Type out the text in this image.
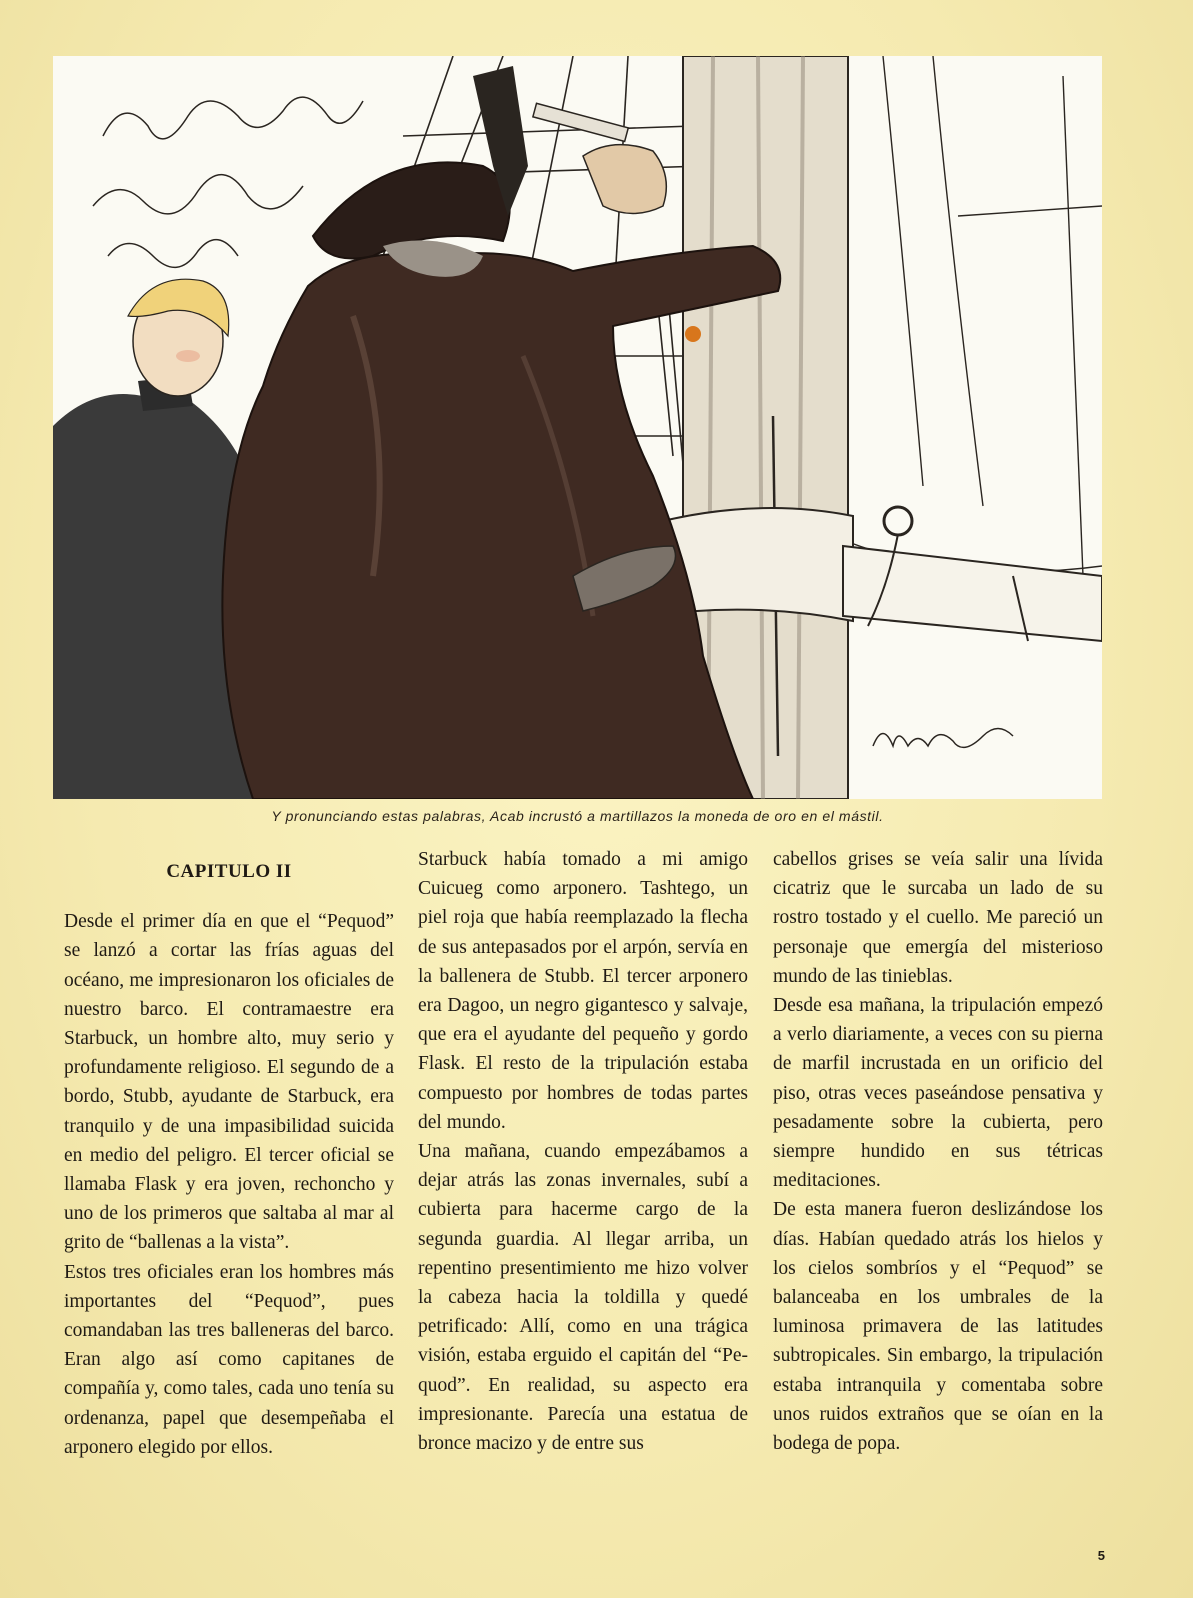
Y pronunciando estas palabras, Acab incrustó a martillazos la moneda de oro en el mástil.
CAPITULO II

Desde el primer día en que el “Pequod” se lanzó a cortar las frías aguas del océano, me impresionaron los oficiales de nuestro barco. El contramaestre era Starbuck, un hombre alto, muy serio y profundamente religioso. El segundo de a bordo, Stubb, ayudante de Starbuck, era tranquilo y de una impasibilidad suicida en medio del peligro. El tercer oficial se llamaba Flask y era joven, rechoncho y uno de los primeros que saltaba al mar al grito de “ballenas a la vista”.

Estos tres oficiales eran los hombres más importantes del “Pequod”, pues comandaban las tres balleneras del barco. Eran algo así como capitanes de compañía y, como tales, cada uno tenía su ordenanza, papel que desempeñaba el arponero elegido por ellos.

Starbuck había tomado a mi amigo Cuicueg como arponero. Tashtego, un piel roja que había reemplazado la flecha de sus antepasados por el arpón, servía en la ballenera de Stubb. El tercer arponero era Dagoo, un negro gigantesco y salvaje, que era el ayudante del pequeño y gordo Flask. El resto de la tripulación estaba compuesto por hombres de todas partes del mundo.

Una mañana, cuando empezábamos a dejar atrás las zonas invernales, subí a cubierta para hacerme cargo de la segunda guardia. Al llegar arriba, un repentino presentimiento me hizo volver la cabeza hacia la toldilla y quedé petrificado: Allí, como en una trágica visión, estaba erguido el capitán del “Pequod”. En realidad, su aspecto era impresionante. Parecía una estatua de bronce macizo y de entre sus

cabellos grises se veía salir una lívida cicatriz que le surcaba un lado de su rostro tostado y el cuello. Me pareció un personaje que emergía del misterioso mundo de las tinieblas.

Desde esa mañana, la tripulación empezó a verlo diariamente, a veces con su pierna de marfil incrustada en un orificio del piso, otras veces paseándose pensativa y pesadamente sobre la cubierta, pero siempre hundido en sus tétricas meditaciones.

De esta manera fueron deslizándose los días. Habían quedado atrás los hielos y los cielos sombríos y el “Pequod” se balanceaba en los umbrales de la luminosa primavera de las latitudes subtropicales. Sin embargo, la tripulación estaba intranquila y comentaba sobre unos ruidos extraños que se oían en la bodega de popa.

5
